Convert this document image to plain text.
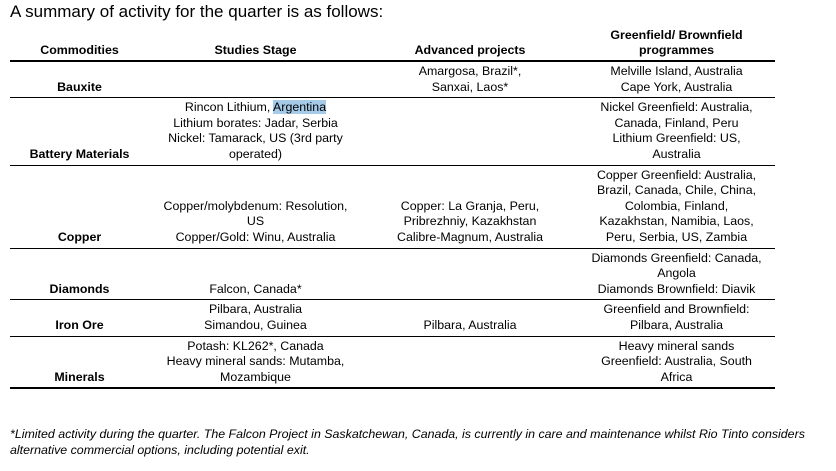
A summary of activity for the quarter is as follows:
Commodities	Studies Stage	Advanced projects	Greenfield/ Brownfield
programmes

Bauxite		Amargosa, Brazil*,
Sanxai, Laos*	Melville Island, Australia
Cape York, Australia

Battery Materials	Rincon Lithium, Argentina
Lithium borates: Jadar, Serbia
Nickel: Tamarack, US (3rd party
operated)		Nickel Greenfield: Australia,
Canada, Finland, Peru
Lithium Greenfield: US,
Australia

Copper	Copper/molybdenum: Resolution,
US
Copper/Gold: Winu, Australia	Copper: La Granja, Peru,
Pribrezhniy, Kazakhstan
Calibre-Magnum, Australia	Copper Greenfield: Australia,
Brazil, Canada, Chile, China,
Colombia, Finland,
Kazakhstan, Namibia, Laos,
Peru, Serbia, US, Zambia

Diamonds	Falcon, Canada*		Diamonds Greenfield: Canada,
Angola
Diamonds Brownfield: Diavik

Iron Ore	Pilbara, Australia
Simandou, Guinea	Pilbara, Australia	Greenfield and Brownfield:
Pilbara, Australia

Minerals	Potash: KL262*, Canada
Heavy mineral sands: Mutamba,
Mozambique		Heavy mineral sands
Greenfield: Australia, South
Africa
*Limited activity during the quarter. The Falcon Project in Saskatchewan, Canada, is currently in care and maintenance whilst Rio Tinto considers alternative commercial options, including potential exit.
